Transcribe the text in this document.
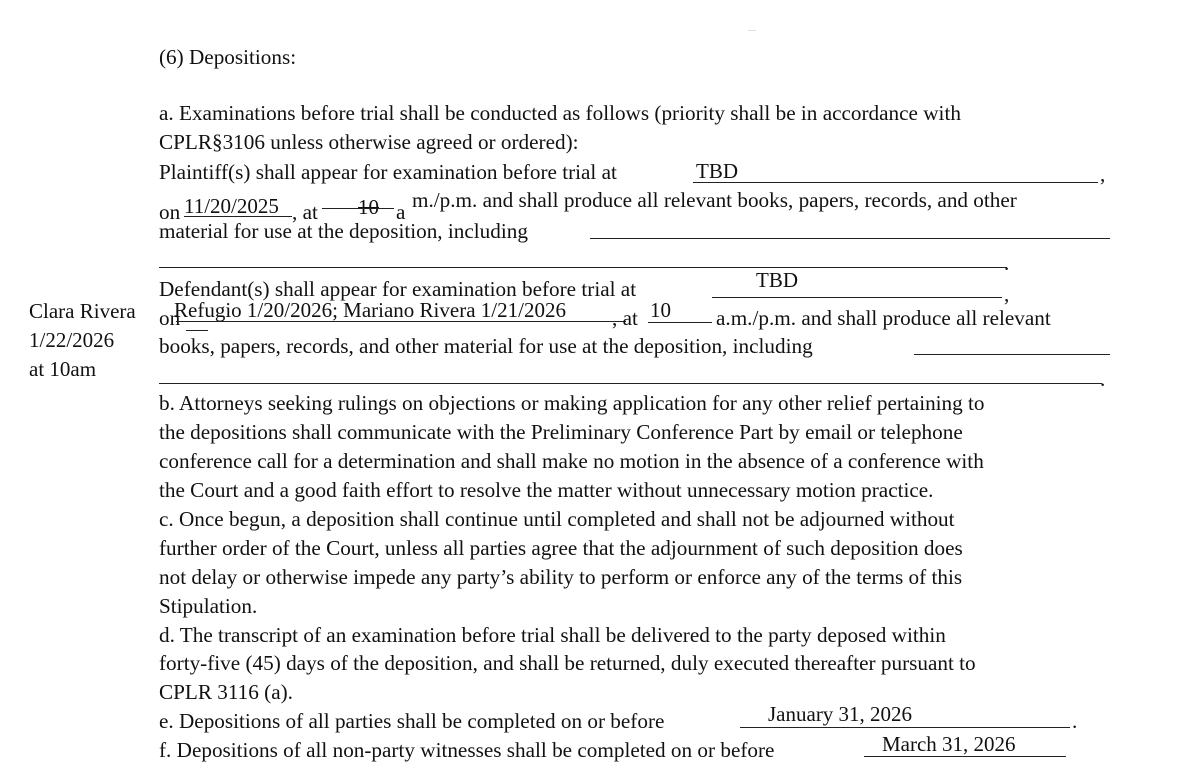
(6) Depositions:
a. Examinations before trial shall be conducted as follows (priority shall be in accordance with
CPLR§3106 unless otherwise agreed or ordered):
Plaintiff(s) shall appear for examination before trial at	TBD	,
on 11/20/2025 , at 10 a m./p.m. and shall produce all relevant books, papers, records, and other
material for use at the deposition, including
.
Defendant(s) shall appear for examination before trial at	TBD
,
on
Refugio 1/20/2026; Mariano Rivera 1/21/2026 , at 10 a.m./p.m. and shall produce all relevant
books, papers, records, and other material for use at the deposition, including
.
Clara Rivera
1/22/2026
at 10am
b. Attorneys seeking rulings on objections or making application for any other relief pertaining to
the depositions shall communicate with the Preliminary Conference Part by email or telephone
conference call for a determination and shall make no motion in the absence of a conference with
the Court and a good faith effort to resolve the matter without unnecessary motion practice.
c. Once begun, a deposition shall continue until completed and shall not be adjourned without
further order of the Court, unless all parties agree that the adjournment of such deposition does
not delay or otherwise impede any party’s ability to perform or enforce any of the terms of this
Stipulation.
d. The transcript of an examination before trial shall be delivered to the party deposed within
forty-five (45) days of the deposition, and shall be returned, duly executed thereafter pursuant to
CPLR 3116 (a).
e. Depositions of all parties shall be completed on or before	January 31, 2026	.
f. Depositions of all non-party witnesses shall be completed on or before	March 31, 2026
